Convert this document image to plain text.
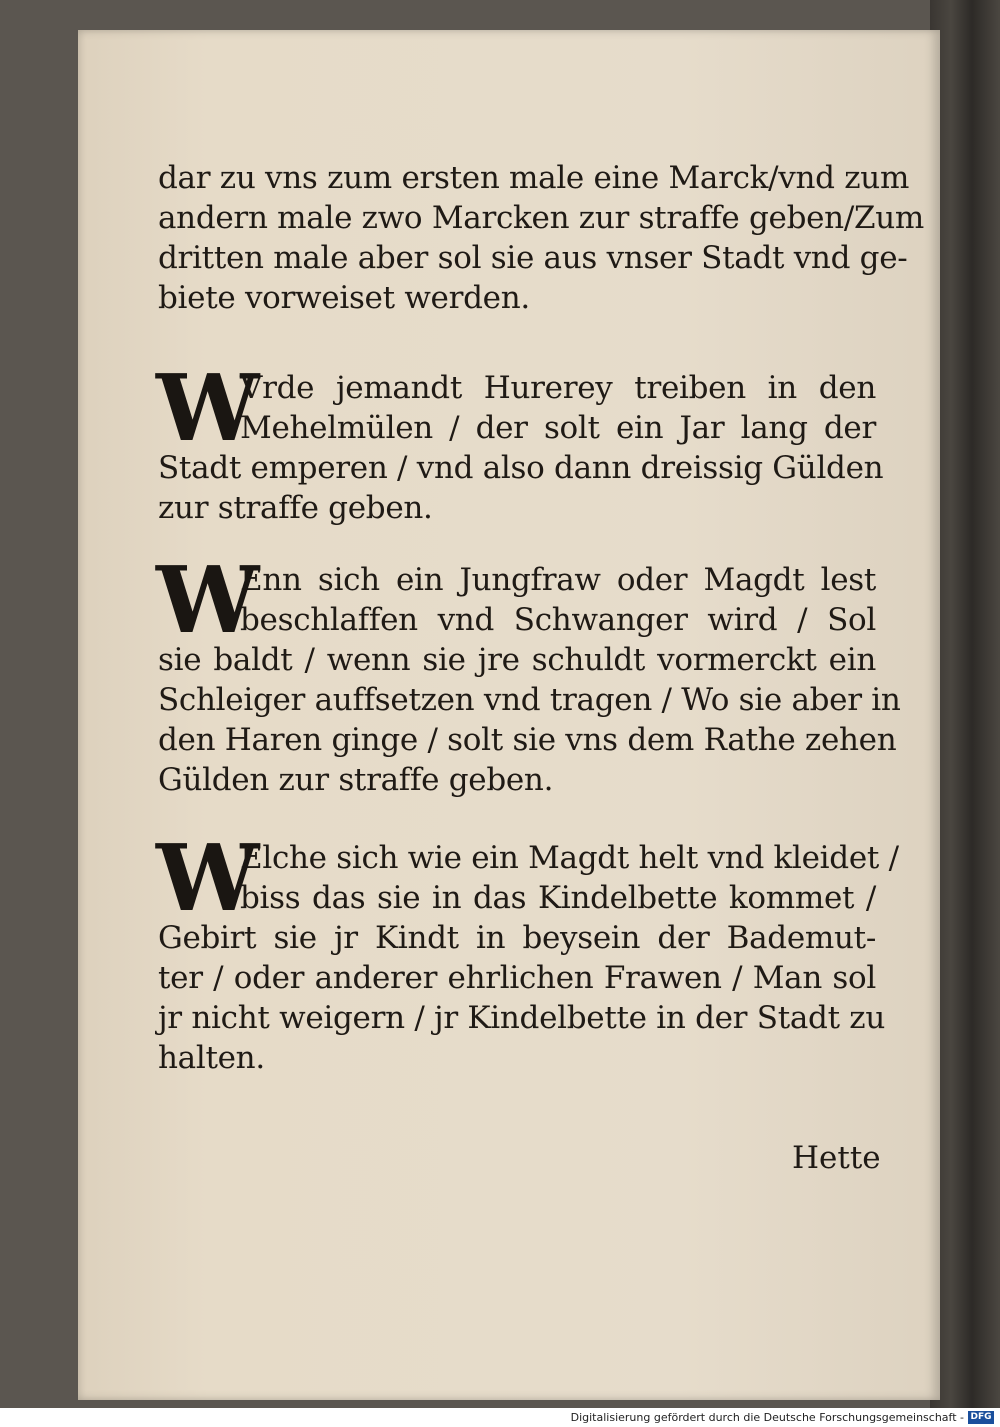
dar zu vns zum ersten male eine Marck/vnd zum
andern male zwo Marcken zur straffe geben/Zum
dritten male aber sol sie aus vnser Stadt vnd ge-
biete vorweiset werden.
W
Vrde jemandt Hurerey treiben in den
Mehelmülen / der solt ein Jar lang der
Stadt emperen / vnd also dann dreissig Gülden
zur straffe geben.
W
Enn sich ein Jungfraw oder Magdt lest
beschlaffen vnd Schwanger wird / Sol
sie baldt / wenn sie jre schuldt vormerckt ein
Schleiger auffsetzen vnd tragen / Wo sie aber in
den Haren ginge / solt sie vns dem Rathe zehen
Gülden zur straffe geben.
W
Elche sich wie ein Magdt helt vnd kleidet /
biss das sie in das Kindelbette kommet /
Gebirt sie jr Kindt in beysein der Bademut-
ter / oder anderer ehrlichen Frawen / Man sol
jr nicht weigern / jr Kindelbette in der Stadt zu
halten.
Hette
Digitalisierung gefördert durch die Deutsche Forschungsgemeinschaft - DFG
